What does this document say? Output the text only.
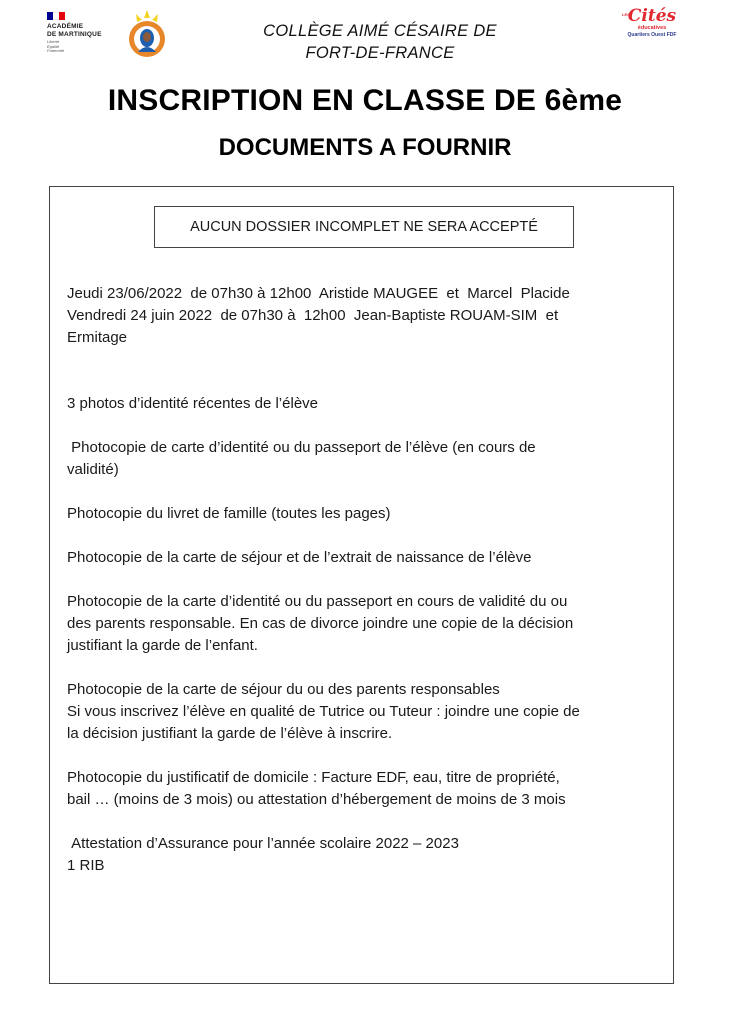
ACADÉMIE
DE MARTINIQUE
Liberté
Égalité
Fraternité
LES
Cités
éducatives
Quartiers Ouest FDF
COLLÈGE AIMÉ CÉSAIRE DE
FORT-DE-FRANCE
INSCRIPTION EN CLASSE DE 6ème
DOCUMENTS A FOURNIR
AUCUN DOSSIER INCOMPLET NE SERA ACCEPTÉ
Jeudi 23/06/2022  de 07h30 à 12h00  Aristide MAUGEE  et  Marcel  Placide
Vendredi 24 juin 2022  de 07h30 à  12h00  Jean-Baptiste ROUAM-SIM  et
Ermitage
3 photos d’identité récentes de l’élève
Photocopie de carte d’identité ou du passeport de l’élève (en cours de
validité)
Photocopie du livret de famille (toutes les pages)
Photocopie de la carte de séjour et de l’extrait de naissance de l’élève
Photocopie de la carte d’identité ou du passeport en cours de validité du ou
des parents responsable. En cas de divorce joindre une copie de la décision
justifiant la garde de l’enfant.
Photocopie de la carte de séjour du ou des parents responsables
Si vous inscrivez l’élève en qualité de Tutrice ou Tuteur : joindre une copie de
la décision justifiant la garde de l’élève à inscrire.
Photocopie du justificatif de domicile : Facture EDF, eau, titre de propriété,
bail … (moins de 3 mois) ou attestation d’hébergement de moins de 3 mois
Attestation d’Assurance pour l’année scolaire 2022 – 2023
1 RIB
